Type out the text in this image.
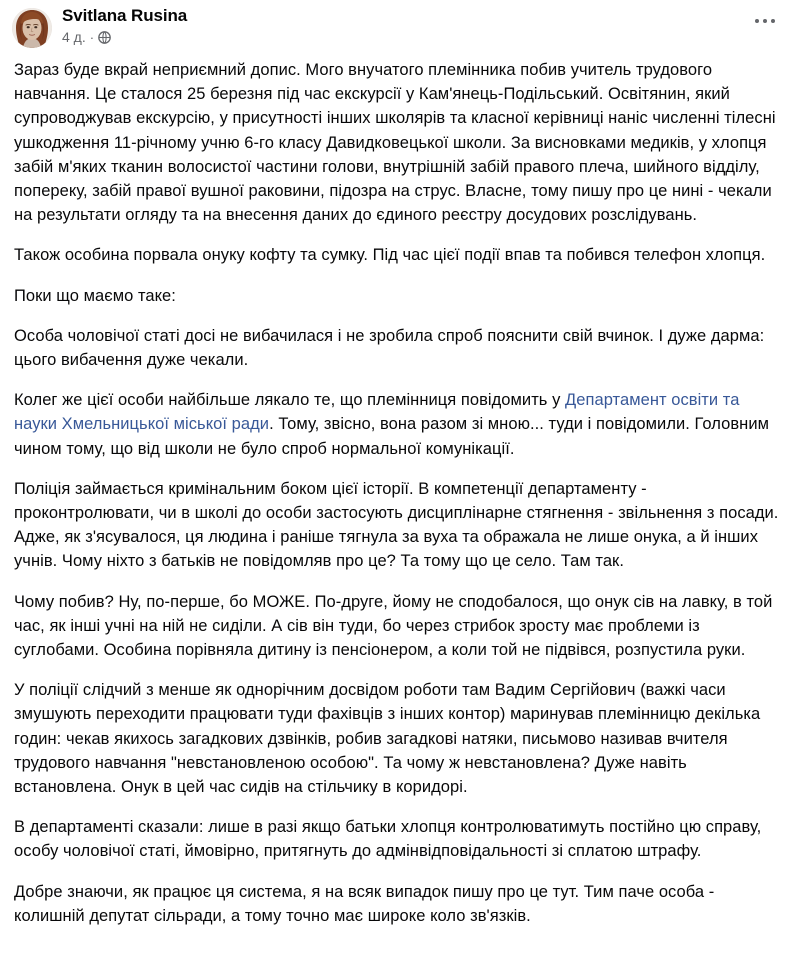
Svitlana Rusina
4 д. ·

Зараз буде вкрай неприємний допис. Мого внучатого племінника побив учитель трудового навчання. Це сталося 25 березня під час екскурсії у Кам'янець-Подільський. Освітянин, який супроводжував екскурсію, у присутності інших школярів та класної керівниці наніс численні тілесні ушкодження 11-річному учню 6-го класу Давидковецької школи. За висновками медиків, у хлопця забій м'яких тканин волосистої частини голови, внутрішній забій правого плеча, шийного відділу, попереку, забій правої вушної раковини, підозра на струс. Власне, тому пишу про це нині - чекали на результати огляду та на внесення даних до єдиного реєстру досудових розслідувань.

Також особина порвала онуку кофту та сумку. Під час цієї події впав та побився телефон хлопця.

Поки що маємо таке:

Особа чоловічої статі досі не вибачилася і не зробила спроб пояснити свій вчинок. І дуже дарма: цього вибачення дуже чекали.

Колег же цієї особи найбільше лякало те, що племінниця повідомить у Департамент освіти та науки Хмельницької міської ради. Тому, звісно, вона разом зі мною... туди і повідомили. Головним чином тому, що від школи не було спроб нормальної комунікації.

Поліція займається кримінальним боком цієї історії. В компетенції департаменту - проконтролювати, чи в школі до особи застосують дисциплінарне стягнення - звільнення з посади. Адже, як з'ясувалося, ця людина і раніше тягнула за вуха та ображала не лише онука, а й інших учнів. Чому ніхто з батьків не повідомляв про це? Та тому що це село. Там так.

Чому побив? Ну, по-перше, бо МОЖЕ. По-друге, йому не сподобалося, що онук сів на лавку, в той час, як інші учні на ній не сиділи. А сів він туди, бо через стрибок зросту має проблеми із суглобами. Особина порівняла дитину із пенсіонером, а коли той не підвівся, розпустила руки.

У поліції слідчий з менше як однорічним досвідом роботи там Вадим Сергійович (важкі часи змушують переходити працювати туди фахівців з інших контор) маринував племінницю декілька годин: чекав якихось загадкових дзвінків, робив загадкові натяки, письмово називав вчителя трудового навчання "невстановленою особою". Та чому ж невстановлена? Дуже навіть встановлена. Онук в цей час сидів на стільчику в коридорі.

В департаменті сказали: лише в разі якщо батьки хлопця контролюватимуть постійно цю справу, особу чоловічої статі, ймовірно, притягнуть до адмінвідповідальності зі сплатою штрафу.

Добре знаючи, як працює ця система, я на всяк випадок пишу про це тут. Тим паче особа - колишній депутат сільради, а тому точно має широке коло зв'язків.
